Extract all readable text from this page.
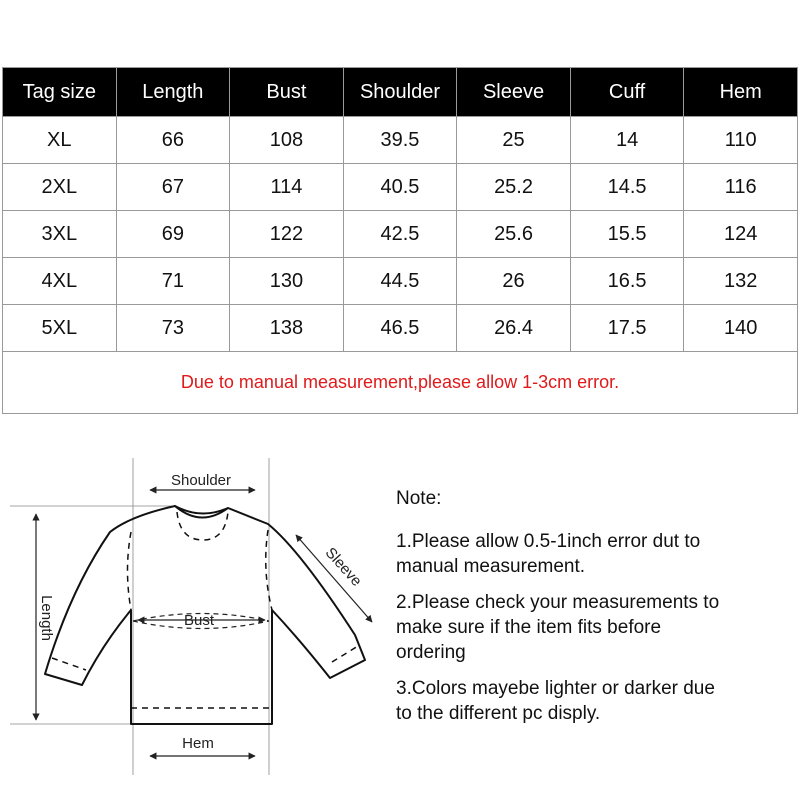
Tag size	Length	Bust	Shoulder	Sleeve	Cuff	Hem
XL	66	108	39.5	25	14	110
2XL	67	114	40.5	25.2	14.5	116
3XL	69	122	42.5	25.6	15.5	124
4XL	71	130	44.5	26	16.5	132
5XL	73	138	46.5	26.4	17.5	140
Due to manual measurement,please allow 1-3cm error.						
Shoulder
Length
Sleeve
Bust
Hem
Note:
1.Please allow 0.5-1inch error dut to
manual measurement.
2.Please check your measurements to
make sure if the item fits before
ordering
3.Colors mayebe lighter or darker due
to the different pc disply.
